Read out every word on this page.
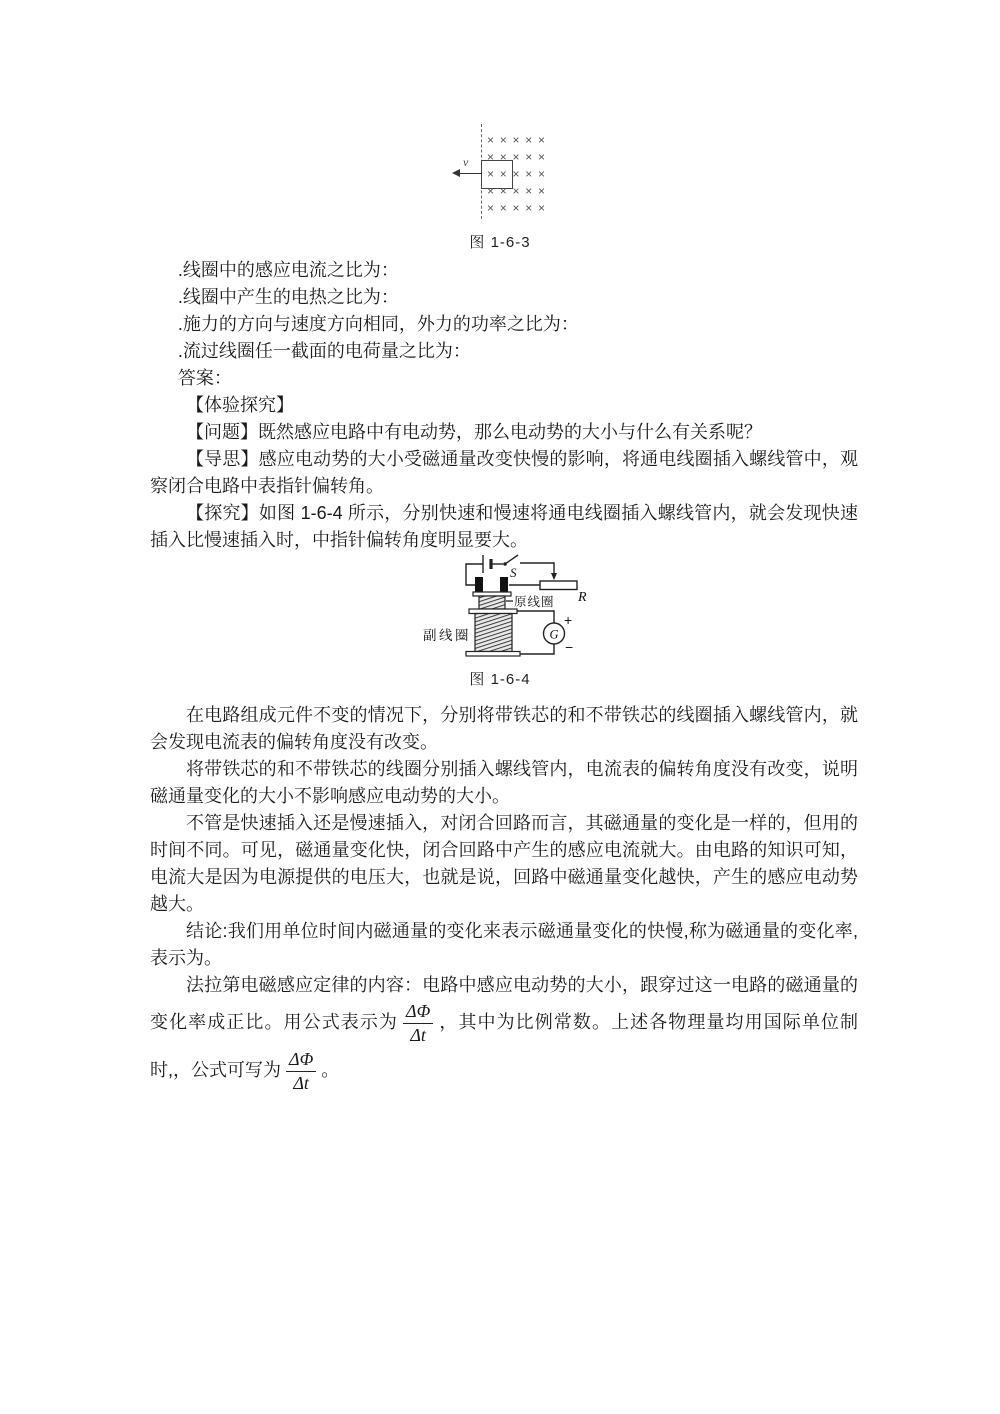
× × × × ×
× × × × ×
× × × × ×
× × × × ×
× × × × ×
v
图 1-6-3

.线圈中的感应电流之比为：

.线圈中产生的电热之比为：

.施力的方向与速度方向相同，外力的功率之比为：

.流过线圈任一截面的电荷量之比为：

答案：

【体验探究】

【问题】既然感应电路中有电动势，那么电动势的大小与什么有关系呢？

【导思】感应电动势的大小受磁通量改变快慢的影响，将通电线圈插入螺线管中，观察闭合电路中表指针偏转角。

【探究】如图 1-6-4 所示，分别快速和慢速将通电线圈插入螺线管内，就会发现快速插入比慢速插入时，中指针偏转角度明显要大。

S
R
原线圈
副线圈	G
+
−
图 1-6-4

在电路组成元件不变的情况下，分别将带铁芯的和不带铁芯的线圈插入螺线管内，就会发现电流表的偏转角度没有改变。

将带铁芯的和不带铁芯的线圈分别插入螺线管内，电流表的偏转角度没有改变，说明磁通量变化的大小不影响感应电动势的大小。

不管是快速插入还是慢速插入，对闭合回路而言，其磁通量的变化是一样的，但用的时间不同。可见，磁通量变化快，闭合回路中产生的感应电流就大。由电路的知识可知，电流大是因为电源提供的电压大，也就是说，回路中磁通量变化越快，产生的感应电动势越大。

结论:我们用单位时间内磁通量的变化来表示磁通量变化的快慢,称为磁通量的变化率,表示为。

法拉第电磁感应定律的内容：电路中感应电动势的大小，跟穿过这一电路的磁通量的变化率成正比。用公式表示为 $\frac{\Delta\Phi}{\Delta t}$ ，其中为比例常数。上述各物理量均用国际单位制时,，公式可写为 $\frac{\Delta\Phi}{\Delta t}$ 。
